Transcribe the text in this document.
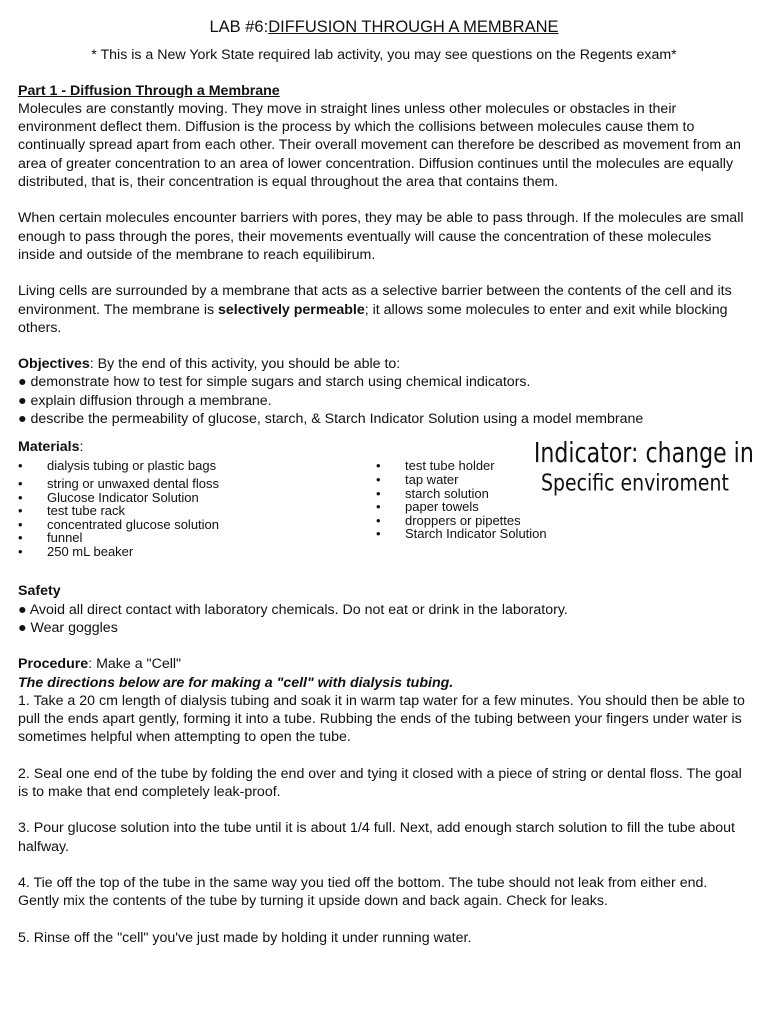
LAB #6:DIFFUSION THROUGH A MEMBRANE
* This is a New York State required lab activity, you may see questions on the Regents exam*
Part 1 - Diffusion Through a Membrane

Molecules are constantly moving. They move in straight lines unless other molecules or obstacles in their environment deflect them. Diffusion is the process by which the collisions between molecules cause them to continually spread apart from each other. Their overall movement can therefore be described as movement from an area of greater concentration to an area of lower concentration. Diffusion continues until the molecules are equally distributed, that is, their concentration is equal throughout the area that contains them.

When certain molecules encounter barriers with pores, they may be able to pass through. If the molecules are small enough to pass through the pores, their movements eventually will cause the concentration of these molecules inside and outside of the membrane to reach equilibirum.

Living cells are surrounded by a membrane that acts as a selective barrier between the contents of the cell and its environment. The membrane is selectively permeable; it allows some molecules to enter and exit while blocking others.

Objectives: By the end of this activity, you should be able to:

● demonstrate how to test for simple sugars and starch using chemical indicators.

● explain diffusion through a membrane.

● describe the permeability of glucose, starch, & Starch Indicator Solution using a model membrane

Materials:
• dialysis tubing or plastic bags
• string or unwaxed dental floss
• Glucose Indicator Solution
• test tube rack
• concentrated glucose solution
• funnel
• 250 mL beaker
• test tube holder
• tap water
• starch solution
• paper towels
• droppers or pipettes
• Starch Indicator Solution
Indicator: change in
Specific enviroment
Safety

● Avoid all direct contact with laboratory chemicals. Do not eat or drink in the laboratory.

● Wear goggles

Procedure: Make a "Cell"

The directions below are for making a "cell" with dialysis tubing.

1. Take a 20 cm length of dialysis tubing and soak it in warm tap water for a few minutes. You should then be able to pull the ends apart gently, forming it into a tube. Rubbing the ends of the tubing between your fingers under water is sometimes helpful when attempting to open the tube.

2. Seal one end of the tube by folding the end over and tying it closed with a piece of string or dental floss. The goal is to make that end completely leak-proof.

3. Pour glucose solution into the tube until it is about 1/4 full. Next, add enough starch solution to fill the tube about halfway.

4. Tie off the top of the tube in the same way you tied off the bottom. The tube should not leak from either end. Gently mix the contents of the tube by turning it upside down and back again. Check for leaks.

5. Rinse off the "cell" you've just made by holding it under running water.
